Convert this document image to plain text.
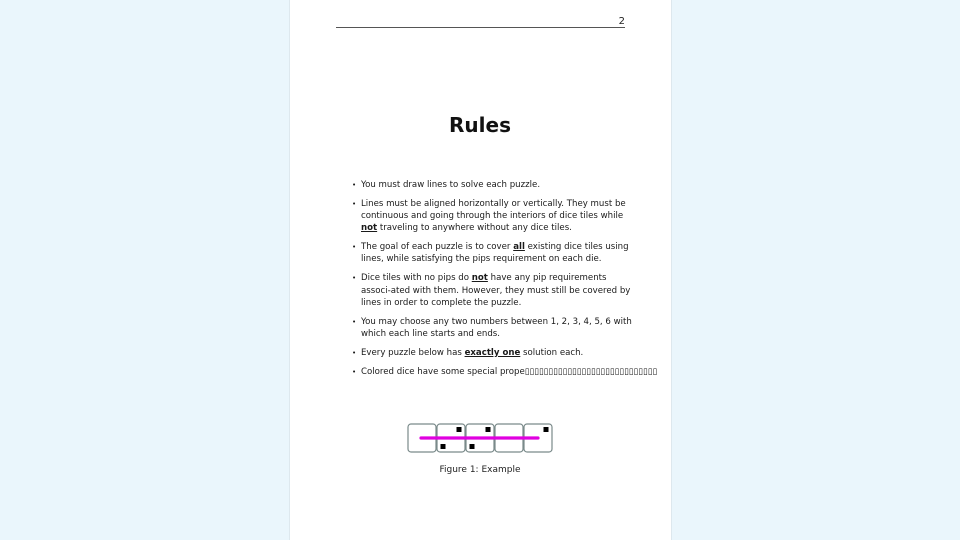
2
Rules
• You must draw lines to solve each puzzle.
• Lines must be aligned horizontally or vertically. They must be continuous and going through the interiors of dice tiles while not traveling to anywhere without any dice tiles.
• The goal of each puzzle is to cover all existing dice tiles using lines, while satisfying the pips requirement on each die.
• Dice tiles with no pips do not have any pip requirements associ-ated with them. However, they must still be covered by lines in order to complete the puzzle.
• You may choose any two numbers between 1, 2, 3, 4, 5, 6 with which each line starts and ends.
• Every puzzle below has exactly one solution each.
• Colored dice have some special prope▯▯▯▯▯▯▯▯▯▯▯▯▯▯▯▯▯▯▯▯▯▯▯▯▯▯▯▯
Figure 1: Example
